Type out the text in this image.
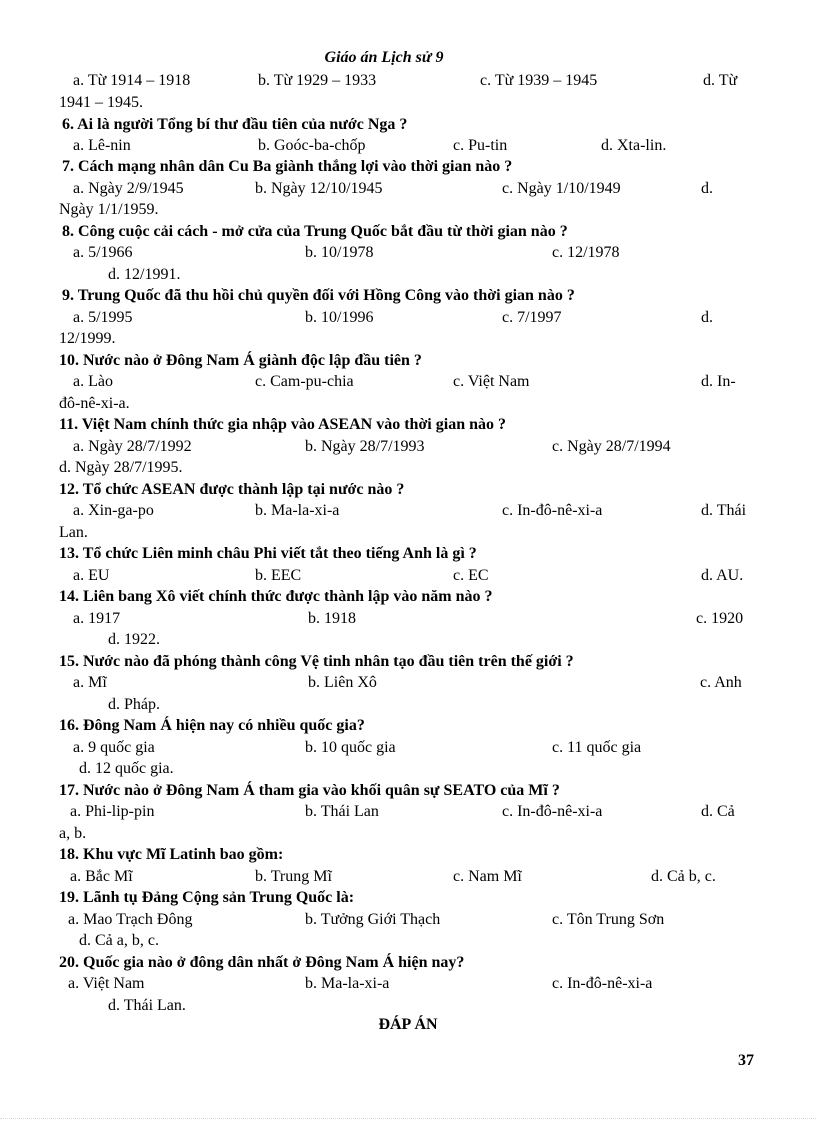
Giáo án Lịch sử 9
a. Từ 1914 – 1918	b. Từ 1929 – 1933	c. Từ 1939 – 1945	d. Từ
1941 – 1945.
6. Ai là người Tổng bí thư đầu tiên của nước Nga ?
a. Lê-nin	b. Goóc-ba-chốp	c. Pu-tin	d. Xta-lin.
7. Cách mạng nhân dân Cu Ba giành thắng lợi vào thời gian nào ?
a. Ngày 2/9/1945	b. Ngày 12/10/1945	c. Ngày 1/10/1949	d.
Ngày 1/1/1959.
8. Công cuộc cải cách - mở cửa của Trung Quốc bắt đầu từ thời gian nào ?
a. 5/1966	b. 10/1978	c. 12/1978
d. 12/1991.
9. Trung Quốc đã thu hồi chủ quyền đối với Hồng Công vào thời gian nào ?
a. 5/1995	b. 10/1996	c. 7/1997	d.
12/1999.
10. Nước nào ở Đông Nam Á giành độc lập đầu tiên ?
a. Lào	c. Cam-pu-chia	c. Việt Nam	d. In-
đô-nê-xi-a.
11. Việt Nam chính thức gia nhập vào ASEAN vào thời gian nào ?
a. Ngày 28/7/1992	b. Ngày 28/7/1993	c. Ngày 28/7/1994
d. Ngày 28/7/1995.
12. Tổ chức ASEAN được thành lập tại nước nào ?
a. Xin-ga-po	b. Ma-la-xi-a	c. In-đô-nê-xi-a	d. Thái
Lan.
13. Tổ chức Liên minh châu Phi viết tắt theo tiếng Anh là gì ?
a. EU	b. EEC	c. EC	d. AU.
14. Liên bang Xô viết chính thức được thành lập vào năm nào ?
a. 1917	b. 1918	c. 1920
d. 1922.
15. Nước nào đã phóng thành công Vệ tinh nhân tạo đầu tiên trên thế giới ?
a. Mĩ	b. Liên Xô	c. Anh
d. Pháp.
16. Đông Nam Á hiện nay có nhiều quốc gia?
a. 9 quốc gia	b. 10 quốc gia	c. 11 quốc gia
d. 12 quốc gia.
17. Nước nào ở Đông Nam Á tham gia vào khối quân sự SEATO của Mĩ ?
a. Phi-lip-pin	b. Thái Lan	c. In-đô-nê-xi-a	d. Cả
a, b.
18. Khu vực Mĩ Latinh bao gồm:
a. Bắc Mĩ	b. Trung Mĩ	c. Nam Mĩ	d. Cả b, c.
19. Lãnh tụ Đảng Cộng sản Trung Quốc là:
a. Mao Trạch Đông	b. Tưởng Giới Thạch	c. Tôn Trung Sơn
d. Cả a, b, c.
20. Quốc gia nào ở đông dân nhất ở Đông Nam Á hiện nay?
a. Việt Nam	b. Ma-la-xi-a	c. In-đô-nê-xi-a
d. Thái Lan.
ĐÁP ÁN
37
